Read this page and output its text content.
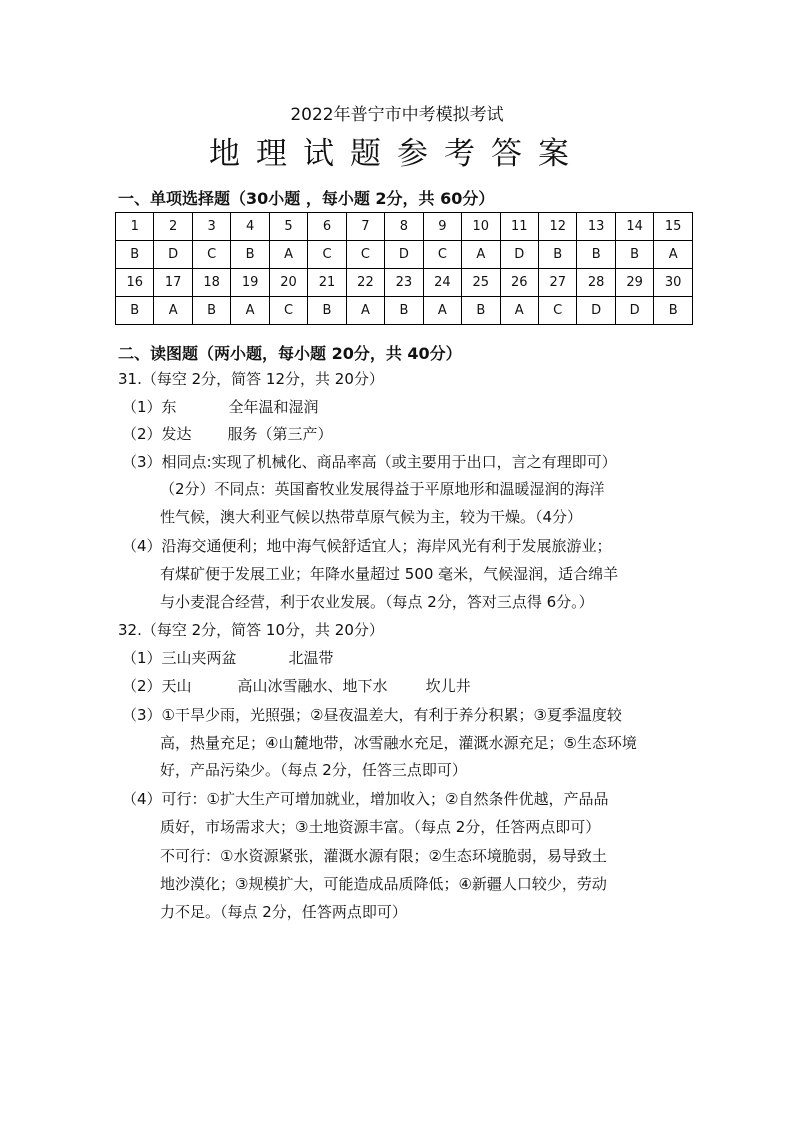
2022年普宁市中考模拟考试
地理试题参考答案
一、单项选择题（30小题 ，每小题 2分，共 60分）
1	2	3	4	5	6	7	8	9	10	11	12	13	14	15
B	D	C	B	A	C	C	D	C	A	D	B	B	B	A
16	17	18	19	20	21	22	23	24	25	26	27	28	29	30
B	A	B	A	C	B	A	B	A	B	A	C	D	D	B
二、读图题（两小题，每小题 20分，共 40分）
31.（每空 2分，简答 12分，共 20分）
（1）东	全年温和湿润
（2）发达 服务（第三产）
（3）相同点:实现了机械化、商品率高（或主要用于出口，言之有理即可）
（2分）不同点：英国畜牧业发展得益于平原地形和温暖湿润的海洋
性气候，澳大利亚气候以热带草原气候为主，较为干燥。（4分）
（4）沿海交通便利；地中海气候舒适宜人；海岸风光有利于发展旅游业；
有煤矿便于发展工业；年降水量超过 500 毫米，气候湿润，适合绵羊
与小麦混合经营，利于农业发展。（每点 2分，答对三点得 6分。）
32.（每空 2分，简答 10分，共 20分）
（1）三山夹两盆	北温带
（2）天山	高山冰雪融水、地下水	坎儿井
（3）①干旱少雨，光照强；②昼夜温差大，有利于养分积累；③夏季温度较
高，热量充足；④山麓地带，冰雪融水充足，灌溉水源充足；⑤生态环境
好，产品污染少。（每点 2分，任答三点即可）
（4）可行：①扩大生产可增加就业，增加收入；②自然条件优越，产品品
质好，市场需求大；③土地资源丰富。（每点 2分，任答两点即可）
不可行：①水资源紧张，灌溉水源有限；②生态环境脆弱，易导致土
地沙漠化；③规模扩大，可能造成品质降低；④新疆人口较少，劳动
力不足。（每点 2分，任答两点即可）
